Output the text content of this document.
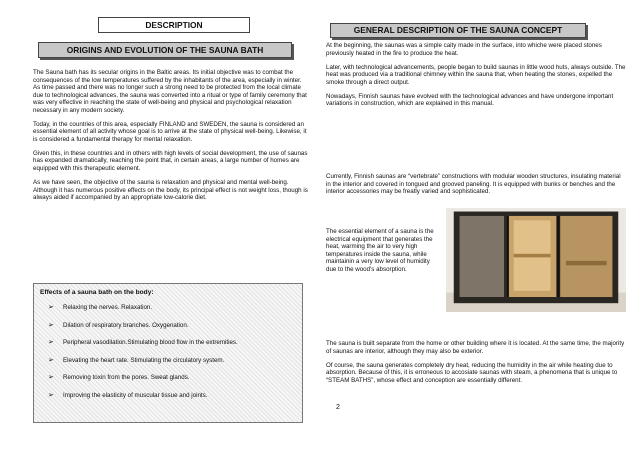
DESCRIPTION
ORIGINS AND EVOLUTION OF THE SAUNA BATH

The Sauna bath has its secular origins in the Baltic areas. Its initial objective was to combat the consequences of the low temperatures suffered by the inhabitants of the area, especially in winter. As time passed and there was no longer such a strong need to be protected from the local climate due to technological advances, the sauna was converted into a ritual or type of family ceremony that was very effective in reaching the state of well-being and physical and psychological relaxation necessary in any modern society.

Today, in the countries of this area, especially FINLAND and SWEDEN, the sauna is considered an essential element of all activity whose goal is to arrive at the state of physical well-being. Likewise, it is considered a fundamental therapy for mental relaxation.

Given this, in these countries and in others with high levels of social development, the use of saunas has expanded dramatically, reaching the point that, in certain areas, a large number of homes are equipped with this therapeutic element.

As we have seen, the objective of the sauna is relaxation and physical and mental well-being. Although it has numerous positive effects on the body, its principal effect is not weight loss, though is always aided if accompanied by an appropriate low-calorie diet.

Effects of a sauna bath on the body:
➢ Relaxing the nerves. Relaxation.
➢ Dilation of respiratory branches. Oxygenation.
➢ Peripheral vasodilation.Stimulating blood flow in the extremities.
➢ Elevating the heart rate. Stimulating the circulatory system.
➢ Removing toxin from the pores. Sweat glands.
➢ Improving the elasticity of muscular tissue and joints.
GENERAL DESCRIPTION OF THE SAUNA CONCEPT

At the beginning, the saunas was a simple caity made in the surface, into whiche were placed stones previously heated in the fire to produce the heat.

Later, with technological advancements, people began to build saunas in little wood huts, always outside. The heat was produced via a traditional chimney within the sauna that, when heating the stones, expelled the smoke through a direct output.

Nowadays, Finnish saunas have evolved with the technological advances and have undergone important variations in construction, which are explained in this manual.

Currently, Finnish saunas are “vertebrate” constructions with modular wooden structures, insulating material in the interior and covered in tongued and grooved paneling. It is equipped with bunks or benches and the interior accessories may be freatly varied and sophisticated.

The essential element of a sauna is the electrical equipment that generates the heat, warming the air to very high temperatures inside the sauna, while maintainin a very low level of humidity due to the wood’s absorption.

The sauna is built separate from the home or other building where it is located. At the same time, the majority of saunas are interior, although they may also be exterior.

Of course, the sauna generates completely dry heat, reducing the humidity in the air while heating due to absorption. Because of this, it is erroneous to accosiate saunas with steam, a phenomena that is unique to “STEAM BATHS”, whose effect and conception are essentially different.

2
